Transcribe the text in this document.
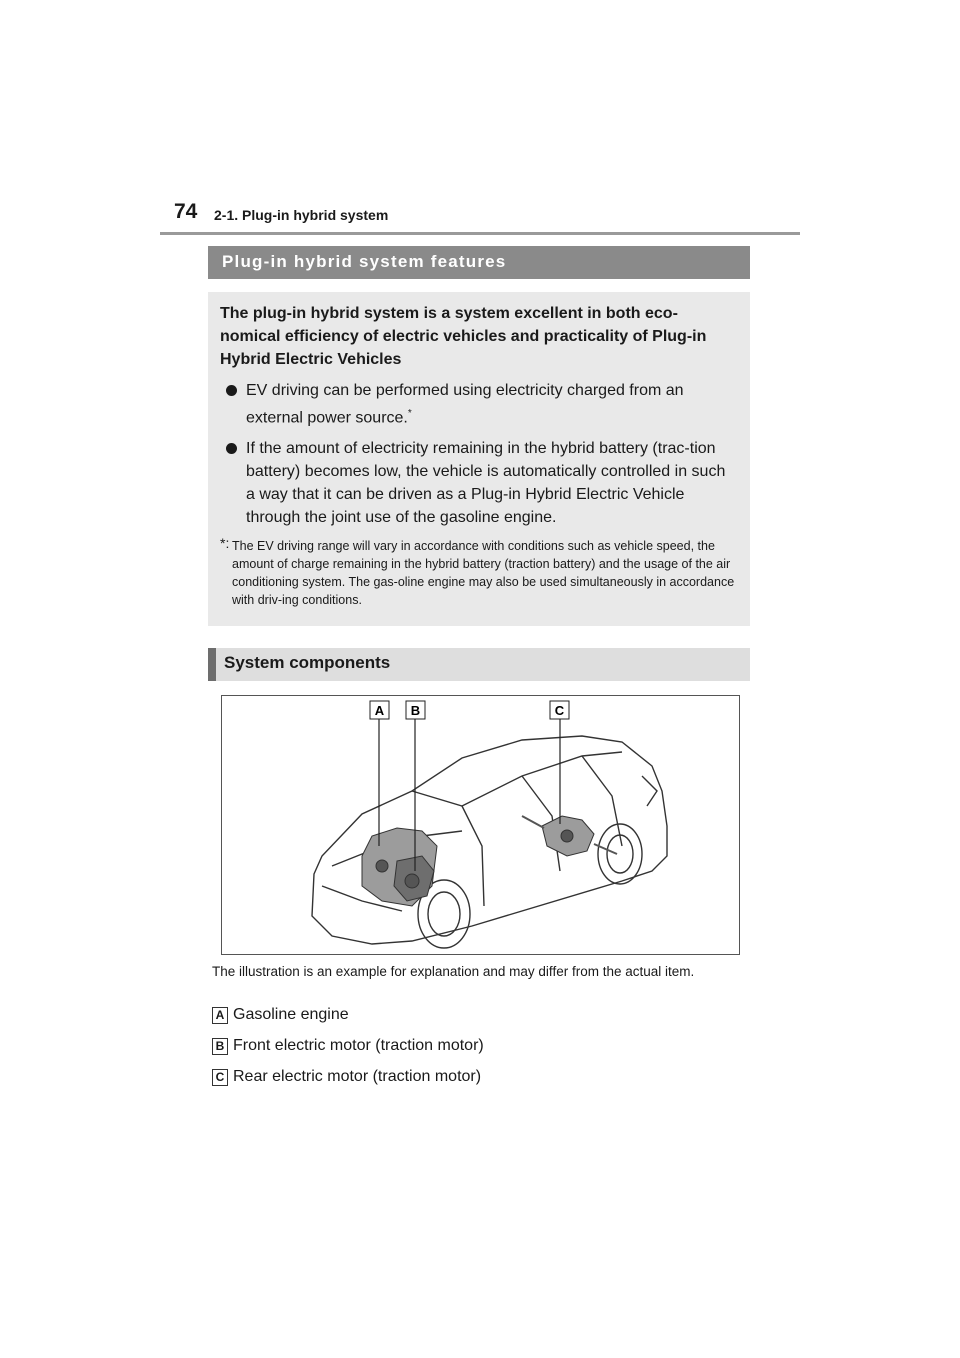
74 2-1. Plug-in hybrid system
Plug-in hybrid system features

The plug-in hybrid system is a system excellent in both eco-nomical efficiency of electric vehicles and practicality of Plug-in Hybrid Electric Vehicles

EV driving can be performed using electricity charged from an external power source.*
If the amount of electricity remaining in the hybrid battery (trac-tion battery) becomes low, the vehicle is automatically controlled in such a way that it can be driven as a Plug-in Hybrid Electric Vehicle through the joint use of the gasoline engine.
*: The EV driving range will vary in accordance with conditions such as vehicle speed, the amount of charge remaining in the hybrid battery (traction battery) and the usage of the air conditioning system. The gas-oline engine may also be used simultaneously in accordance with driv-ing conditions.
System components
A B	C
The illustration is an example for explanation and may differ from the actual item.
A Gasoline engine
B Front electric motor (traction motor)
C Rear electric motor (traction motor)
